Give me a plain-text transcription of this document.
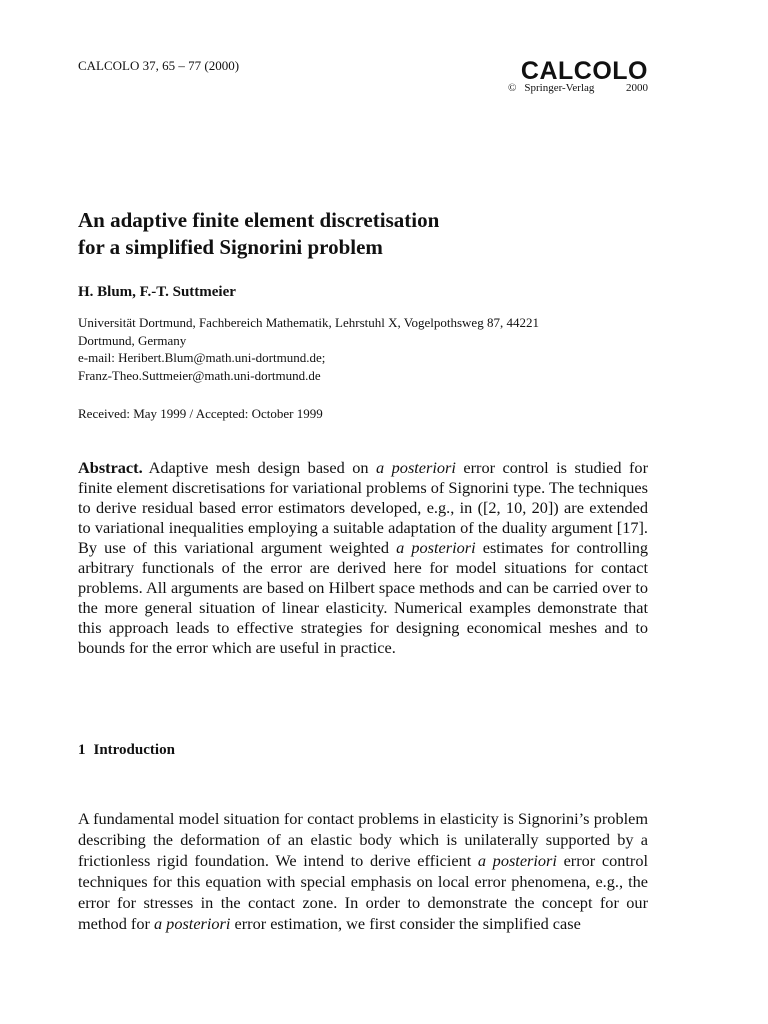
CALCOLO 37, 65 – 77 (2000)	CALCOLO
© Springer-Verlag	2000
An adaptive finite element discretisation
for a simplified Signorini problem
H. Blum, F.-T. Suttmeier
Universität Dortmund, Fachbereich Mathematik, Lehrstuhl X, Vogelpothsweg 87, 44221
Dortmund, Germany
e-mail: Heribert.Blum@math.uni-dortmund.de;
Franz-Theo.Suttmeier@math.uni-dortmund.de
Received: May 1999 / Accepted: October 1999
Abstract. Adaptive mesh design based on a posteriori error control is studied for finite element discretisations for variational problems of Signorini type. The techniques to derive residual based error estimators developed, e.g., in ([2, 10, 20]) are extended to variational inequalities employing a suitable adaptation of the duality argument [17]. By use of this variational argument weighted a posteriori estimates for controlling arbitrary functionals of the error are derived here for model situations for contact problems. All arguments are based on Hilbert space methods and can be carried over to the more general situation of linear elasticity. Numerical examples demonstrate that this approach leads to effective strategies for designing economical meshes and to bounds for the error which are useful in practice.
1 Introduction
A fundamental model situation for contact problems in elasticity is Signorini’s problem describing the deformation of an elastic body which is unilaterally supported by a frictionless rigid foundation. We intend to derive efficient a posteriori error control techniques for this equation with special emphasis on local error phenomena, e.g., the error for stresses in the contact zone. In order to demonstrate the concept for our method for a posteriori error estimation, we first consider the simplified case
